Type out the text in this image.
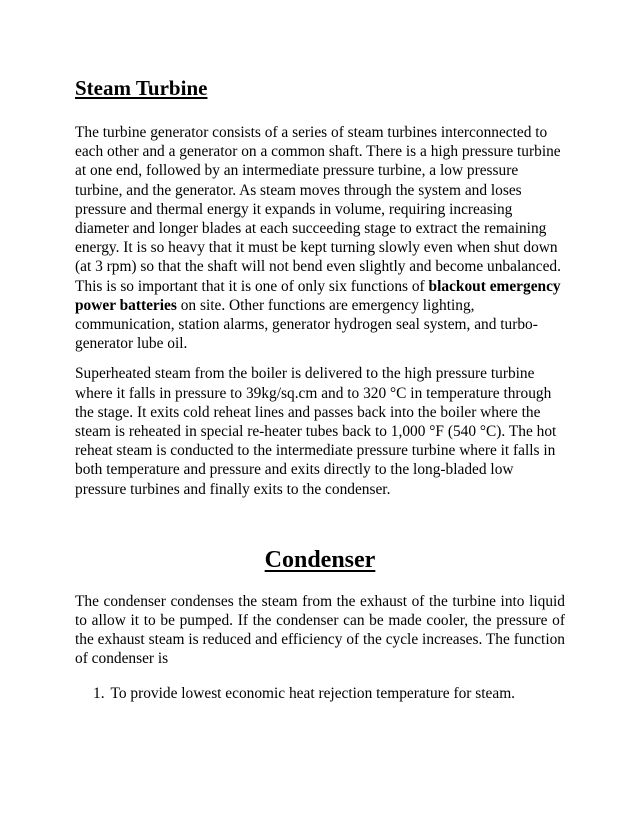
Steam Turbine

The turbine generator consists of a series of steam turbines interconnected to each other and a generator on a common shaft. There is a high pressure turbine at one end, followed by an intermediate pressure turbine, a low pressure turbine, and the generator. As steam moves through the system and loses pressure and thermal energy it expands in volume, requiring increasing diameter and longer blades at each succeeding stage to extract the remaining energy. It is so heavy that it must be kept turning slowly even when shut down (at 3 rpm) so that the shaft will not bend even slightly and become unbalanced. This is so important that it is one of only six functions of blackout emergency power batteries on site. Other functions are emergency lighting, communication, station alarms, generator hydrogen seal system, and turbo-generator lube oil.

Superheated steam from the boiler is delivered to the high pressure turbine where it falls in pressure to 39kg/sq.cm and to 320 °C in temperature through the stage. It exits cold reheat lines and passes back into the boiler where the steam is reheated in special re-heater tubes back to 1,000 °F (540 °C). The hot reheat steam is conducted to the intermediate pressure turbine where it falls in both temperature and pressure and exits directly to the long-bladed low pressure turbines and finally exits to the condenser.

Condenser

The condenser condenses the steam from the exhaust of the turbine into liquid to allow it to be pumped. If the condenser can be made cooler, the pressure of the exhaust steam is reduced and efficiency of the cycle increases. The function of condenser is

1. To provide lowest economic heat rejection temperature for steam.
